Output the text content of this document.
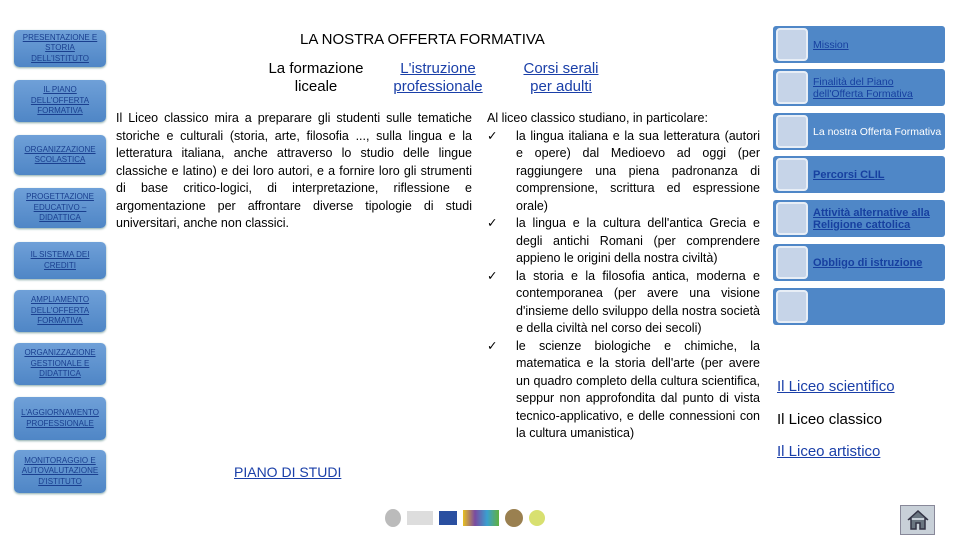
PRESENTAZIONE E STORIA DELL'ISTITUTO
IL PIANO DELL'OFFERTA FORMATIVA
ORGANIZZAZIONE SCOLASTICA
PROGETTAZIONE EDUCATIVO – DIDATTICA
IL SISTEMA DEI CREDITI
AMPLIAMENTO DELL'OFFERTA FORMATIVA
ORGANIZZAZIONE GESTIONALE E DIDATTICA
L'AGGIORNAMENTO PROFESSIONALE
MONITORAGGIO E AUTOVALUTAZIONE D'ISTITUTO
LA NOSTRA OFFERTA FORMATIVA
La formazione liceale
L'istruzione professionale
Corsi serali per adulti
Il Liceo classico mira a preparare gli studenti sulle tematiche storiche e culturali (storia, arte, filosofia ..., sulla lingua e la letteratura italiana, anche attraverso lo studio delle lingue classiche e latino) e dei loro autori, e a fornire loro gli strumenti di base critico-logici, di interpretazione, riflessione e argomentazione per affrontare diverse tipologie di studi universitari, anche non classici.
Al liceo classico studiano, in particolare:
✓ la lingua italiana e la sua letteratura (autori e opere) dal Medioevo ad oggi (per raggiungere una piena padronanza di comprensione, scrittura ed espressione orale)
✓ la lingua e la cultura dell'antica Grecia e degli antichi Romani (per comprendere appieno le origini della nostra civiltà)
✓ la storia e la filosofia antica, moderna e contemporanea (per avere una visione d'insieme dello sviluppo della nostra società e della civiltà nel corso dei secoli)
✓ le scienze biologiche e chimiche, la matematica e la storia dell'arte (per avere un quadro completo della cultura scientifica, seppur non approfondita dal punto di vista tecnico-applicativo, e delle connessioni con la cultura umanistica)
Mission
Finalità del Piano dell'Offerta Formativa
La nostra Offerta Formativa
Percorsi CLIL
Attività alternative alla Religione cattolica
Obbligo di istruzione
Il Liceo scientifico
Il Liceo classico
Il Liceo artistico
PIANO DI STUDI
